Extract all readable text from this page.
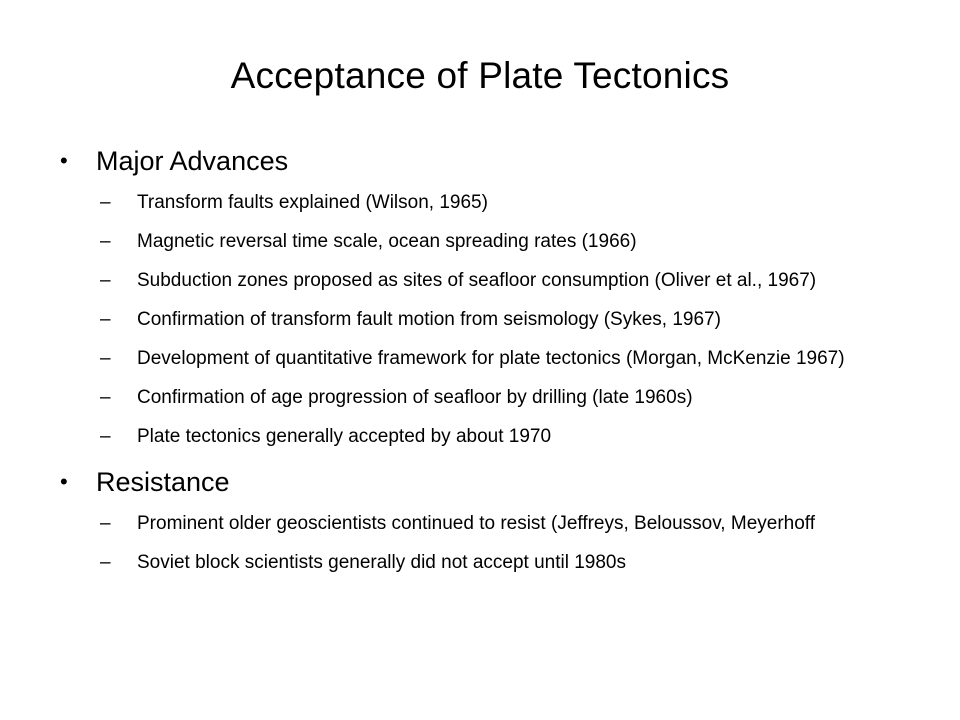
Acceptance of Plate Tectonics
• Major Advances
– Transform faults explained (Wilson, 1965)
– Magnetic reversal time scale, ocean spreading rates (1966)
– Subduction zones proposed as sites of seafloor consumption (Oliver et al., 1967)
– Confirmation of transform fault motion from seismology (Sykes, 1967)
– Development of quantitative framework for plate tectonics (Morgan, McKenzie 1967)
– Confirmation of age progression of seafloor by drilling (late 1960s)
– Plate tectonics generally accepted by about 1970
• Resistance
– Prominent older geoscientists continued to resist (Jeffreys, Beloussov, Meyerhoff
– Soviet block scientists generally did not accept until 1980s
